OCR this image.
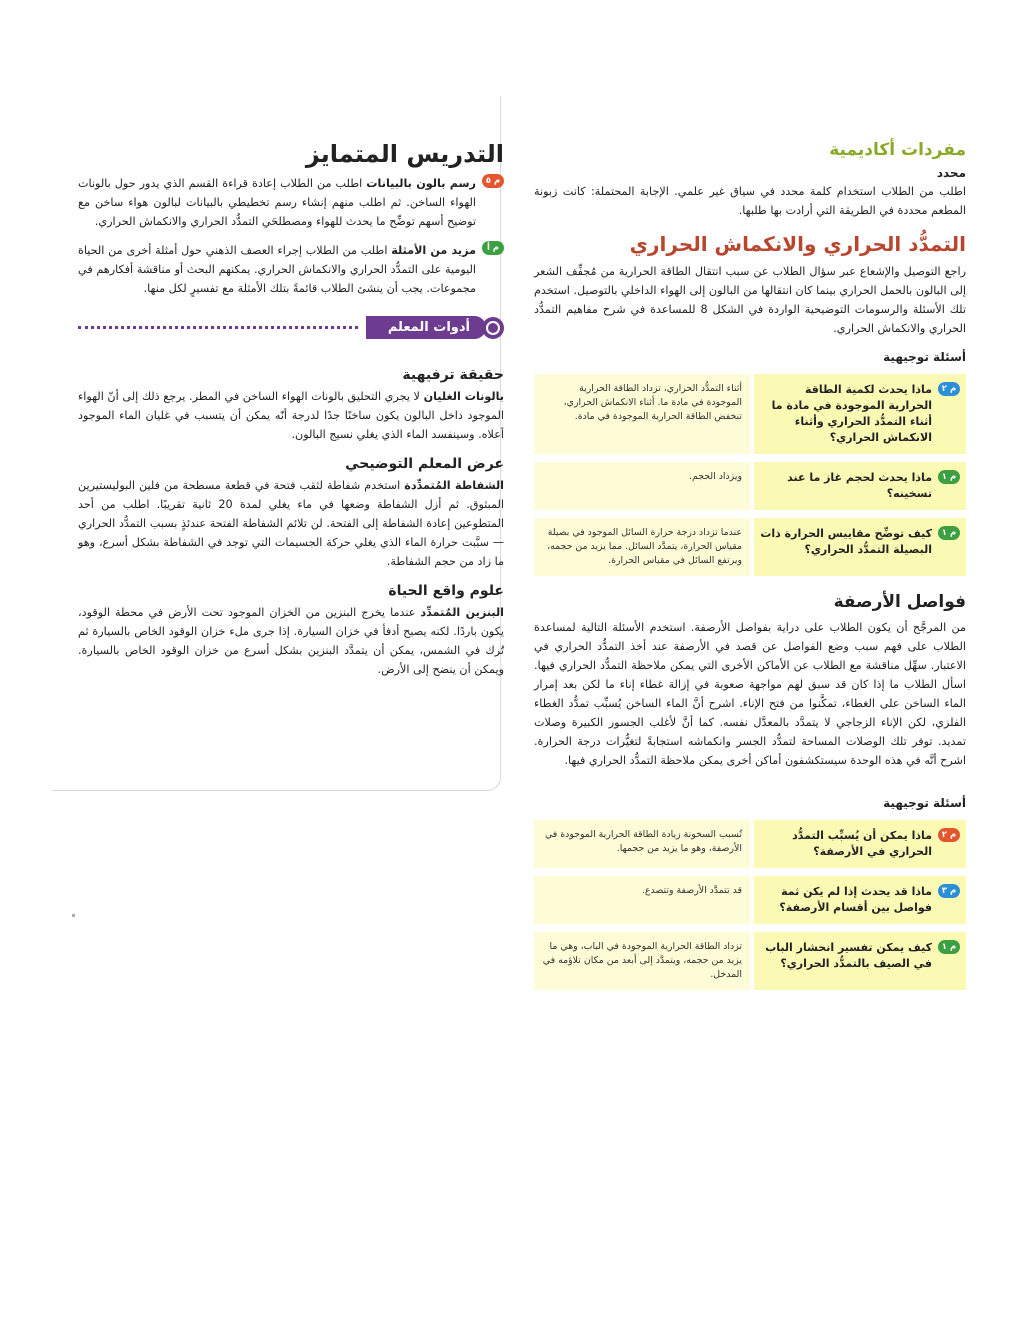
مفردات أكاديمية
محدد

اطلب من الطلاب استخدام كلمة محدد في سياق غير علمي. الإجابة المحتملة: كانت زبونة المطعم محددة في الطريقة التي أرادت بها طلبها.

التمدُّد الحراري والانكماش الحراري

راجع التوصيل والإشعاع عبر سؤال الطلاب عن سبب انتقال الطاقة الحرارية من مُجفِّف الشعر إلى البالون بالحمل الحراري بينما كان انتقالها من البالون إلى الهواء الداخلي بالتوصيل. استخدم تلك الأسئلة والرسومات التوضيحية الواردة في الشكل 8 للمساعدة في شرح مفاهيم التمدُّد الحراري والانكماش الحراري.

أسئلة توجيهية
م ٢
ماذا يحدث لكمية الطاقة الحرارية الموجودة في مادة ما أثناء التمدُّد الحراري وأثناء الانكماش الحراري؟
أثناء التمدُّد الحراري، تزداد الطاقة الحرارية الموجودة في مادة ما. أثناء الانكماش الحراري، تنخفض الطاقة الحرارية الموجودة في مادة.
م ١
ماذا يحدث لحجم غاز ما عند تسخينه؟
ويزداد الحجم.
م ١
كيف توضِّح مقاييس الحرارة ذات البصيلة التمدُّد الحراري؟
عندما تزداد درجة حرارة السائل الموجود في بصيلة مقياس الحرارة، يتمدَّد السائل. مما يزيد من حجمه، ويرتفع السائل في مقياس الحرارة.
فواصل الأرصفة

من المرجَّح أن يكون الطلاب على دراية بفواصل الأرصفة. استخدم الأسئلة التالية لمساعدة الطلاب على فهم سبب وضع الفواصل عن قصد في الأرصفة عند أخذ التمدُّد الحراري في الاعتبار. سهِّل مناقشة مع الطلاب عن الأماكن الأخرى التي يمكن ملاحظة التمدُّد الحراري فيها. اسأل الطلاب ما إذا كان قد سبق لهم مواجهة صعوبة في إزالة غطاء إناء ما لكن بعد إمرار الماء الساخن على الغطاء، تمكَّنوا من فتح الإناء. اشرح أنَّ الماء الساخن يُسبِّب تمدُّد الغطاء الفلزي، لكن الإناء الزجاجي لا يتمدَّد بالمعدَّل نفسه. كما أنَّ لأغلب الجسور الكبيرة وصلات تمديد. توفر تلك الوصلات المساحة لتمدُّد الجسر وانكماشه استجابةً لتغيُّرات درجة الحرارة. اشرح أنَّه في هذه الوحدة سيستكشفون أماكن أخرى يمكن ملاحظة التمدُّد الحراري فيها.

أسئلة توجيهية
م ٢
ماذا يمكن أن يُسبِّب التمدُّد الحراري في الأرصفة؟
تُسبب السخونة زيادة الطاقة الحرارية الموجودة في الأرصفة، وهو ما يزيد من حجمها.
م ٣
ماذا قد يحدث إذا لم يكن ثمة فواصل بين أقسام الأرصفة؟
قد تتمدَّد الأرصفة وتتصدع.
م ١
كيف يمكن تفسير انحشار الباب في الصيف بالتمدُّد الحراري؟
تزداد الطاقة الحرارية الموجودة في الباب، وهي ما يزيد من حجمه، ويتمدَّد إلى أبعد من مكان تلاؤمه في المدخل.
التدريس المتمايز
م ٥

رسم بالون بالبيانات اطلب من الطلاب إعادة قراءة القسم الذي يدور حول بالونات الهواء الساخن. ثم اطلب منهم إنشاء رسم تخطيطي بالبيانات لبالون هواء ساخن مع توضيح أسهم توضِّح ما يحدث للهواء ومصطلحَي التمدُّد الحراري والانكماش الحراري.

م أ

مزيد من الأمثلة اطلب من الطلاب إجراء العصف الذهني حول أمثلة أخرى من الحياة اليومية على التمدُّد الحراري والانكماش الحراري. يمكنهم البحث أو مناقشة أفكارهم في مجموعات. يجب أن ينشئ الطلاب قائمةً بتلك الأمثلة مع تفسيرٍ لكل منها.

أدوات المعلم
حقيقة ترفيهية

بالونات الغليان لا يجري التحليق بالونات الهواء الساخن في المطر. يرجع ذلك إلى أنّ الهواء الموجود داخل البالون يكون ساخنًا جدًا لدرجة أنّه يمكن أن يتسبب في غليان الماء الموجود أعلاه. وسينفسد الماء الذي يغلي نسيج البالون.

عرض المعلم التوضيحي

الشفاطة المُتمدِّدة استخدم شفاطة لثقب فتحة في قطعة مسطحة من فلين البوليستيرين المبثوق. ثم أزل الشفاطة وضعها في ماء يغلي لمدة 20 ثانية تقريبًا. اطلب من أحد المتطوعين إعادة الشفاطة إلى الفتحة. لن تلائم الشفاطة الفتحة عندئذٍ بسبب التمدُّد الحراري — سبَّبت حرارة الماء الذي يغلي حركة الجسيمات التي توجد في الشفاطة بشكل أسرع، وهو ما زاد من حجم الشفاطة.

علوم واقع الحياة

البنزين المُتمدِّد عندما يخرج البنزين من الخزان الموجود تحت الأرض في محطة الوقود، يكون باردًا. لكنه يصبح أدفأ في خزان السيارة. إذا جرى ملء خزان الوقود الخاص بالسيارة ثم تُرك في الشمس، يمكن أن يتمدَّد البنزين بشكل أسرع من خزان الوقود الخاص بالسيارة. ويمكن أن ينضح إلى الأرض.
